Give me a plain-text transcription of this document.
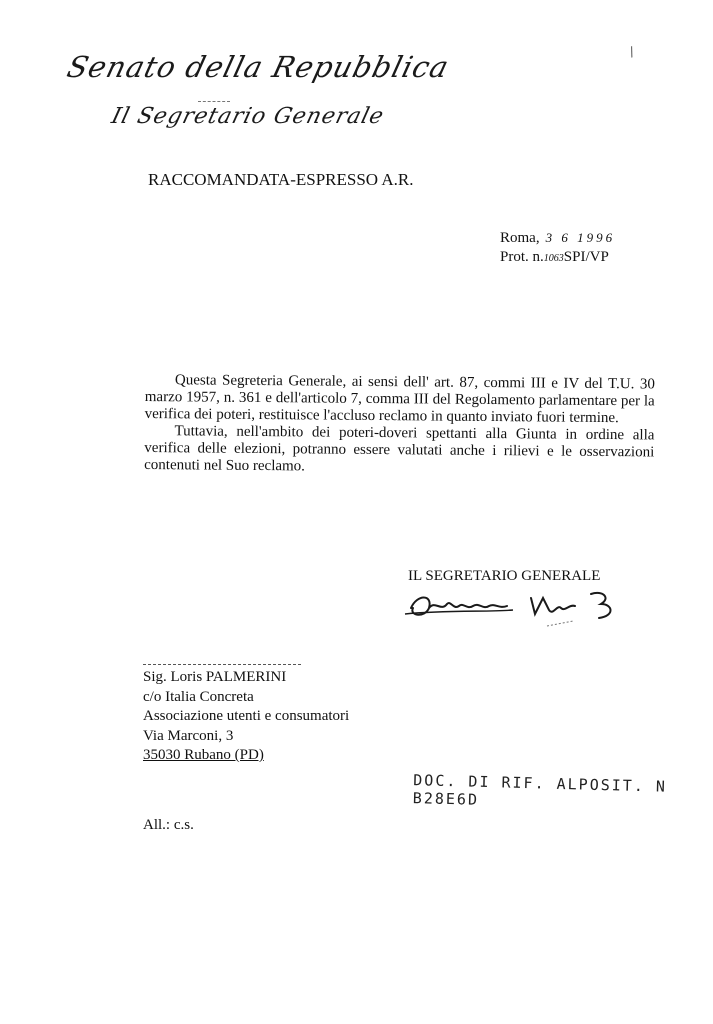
Senato della Repubblica
Il Segretario Generale
/
RACCOMANDATA-ESPRESSO A.R.
Roma, 3 6 1996
Prot. n.1063SPI/VP

Questa Segreteria Generale, ai sensi dell' art. 87, commi III e IV del T.U. 30 marzo 1957, n. 361 e dell'articolo 7, comma III del Regolamento parlamentare per la verifica dei poteri, restituisce l'accluso reclamo in quanto inviato fuori termine.

Tuttavia, nell'ambito dei poteri-doveri spettanti alla Giunta in ordine alla verifica delle elezioni, potranno essere valutati anche i rilievi e le osservazioni contenuti nel Suo reclamo.

IL SEGRETARIO GENERALE
Sig. Loris PALMERINI
c/o Italia Concreta
Associazione utenti e consumatori
Via Marconi, 3
35030 Rubano (PD)
DOC. DI RIF. ALPOSIT. N B28E6D
All.: c.s.
